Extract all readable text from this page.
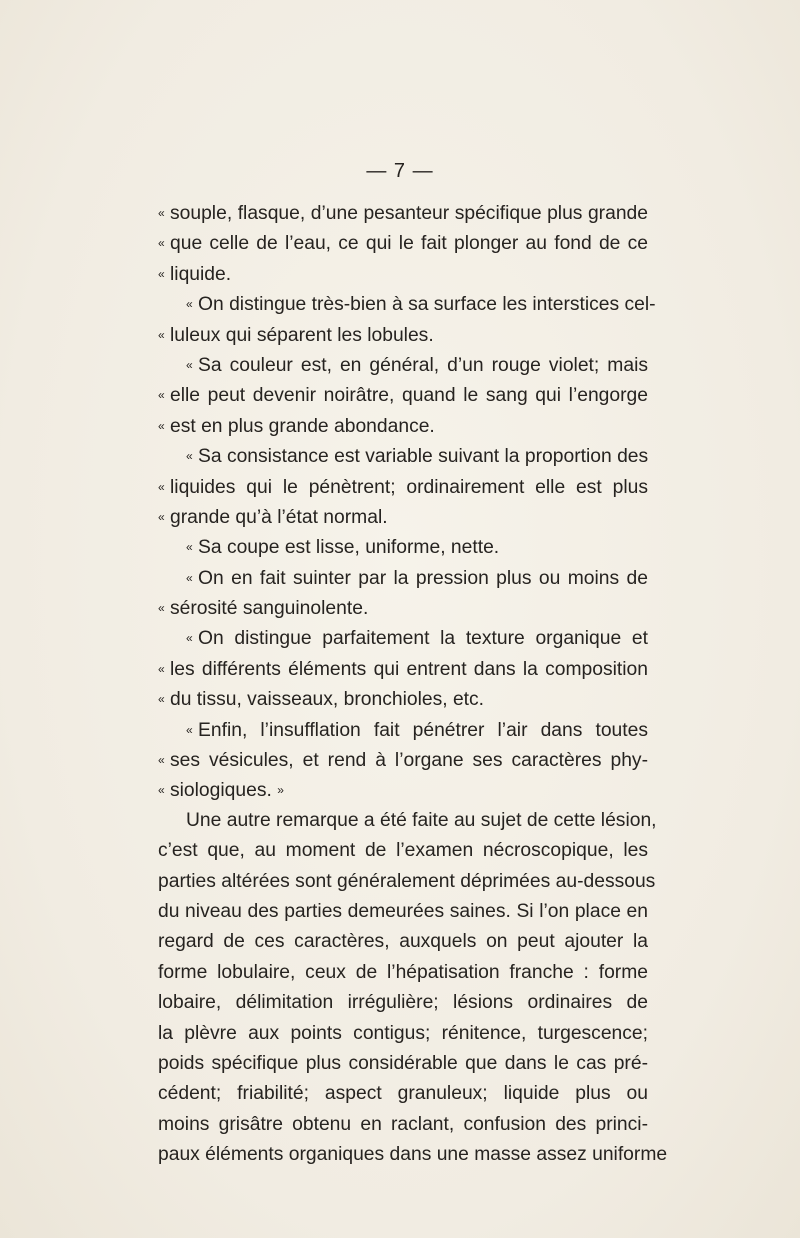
— 7 —
« souple, flasque, d’une pesanteur spécifique plus grande
« que celle de l’eau, ce qui le fait plonger au fond de ce
« liquide.
« On distingue très-bien à sa surface les interstices cel-
« luleux qui séparent les lobules.
« Sa couleur est, en général, d’un rouge violet; mais
« elle peut devenir noirâtre, quand le sang qui l’engorge
« est en plus grande abondance.
« Sa consistance est variable suivant la proportion des
« liquides qui le pénètrent; ordinairement elle est plus
« grande qu’à l’état normal.
« Sa coupe est lisse, uniforme, nette.
« On en fait suinter par la pression plus ou moins de
« sérosité sanguinolente.
« On distingue parfaitement la texture organique et
« les différents éléments qui entrent dans la composition
« du tissu, vaisseaux, bronchioles, etc.
« Enfin, l’insufflation fait pénétrer l’air dans toutes
« ses vésicules, et rend à l’organe ses caractères phy-
« siologiques. »
Une autre remarque a été faite au sujet de cette lésion,
c’est que, au moment de l’examen nécroscopique, les
parties altérées sont généralement déprimées au-dessous
du niveau des parties demeurées saines. Si l’on place en
regard de ces caractères, auxquels on peut ajouter la
forme lobulaire, ceux de l’hépatisation franche : forme
lobaire, délimitation irrégulière; lésions ordinaires de
la plèvre aux points contigus; rénitence, turgescence;
poids spécifique plus considérable que dans le cas pré-
cédent; friabilité; aspect granuleux; liquide plus ou
moins grisâtre obtenu en raclant, confusion des princi-
paux éléments organiques dans une masse assez uniforme
